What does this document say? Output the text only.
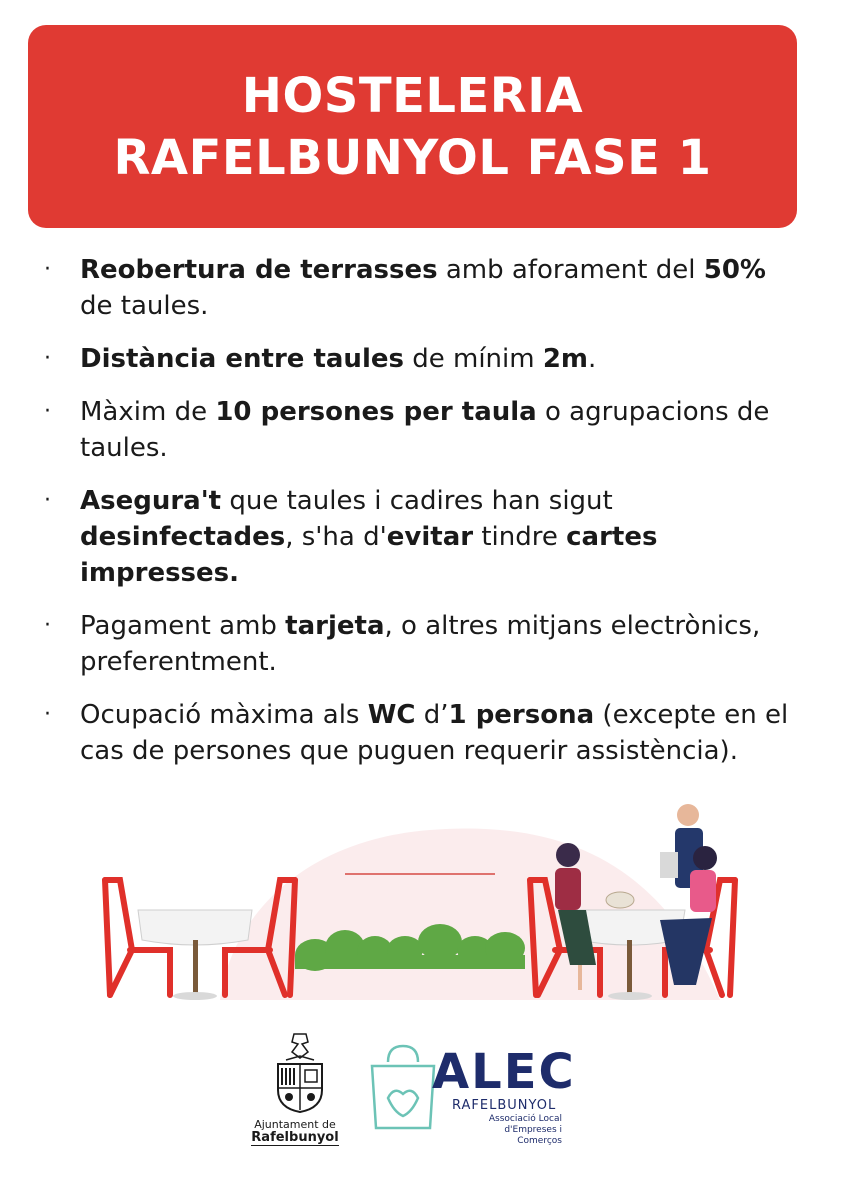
HOSTELERIA
RAFELBUNYOL FASE 1
· Reobertura de terrasses amb aforament del 50% de taules.
· Distància entre taules de mínim 2m.
· Màxim de 10 persones per taula o agrupacions de taules.
· Asegura't que taules i cadires han sigut desinfectades, s'ha d'evitar tindre cartes impresses.
· Pagament amb tarjeta, o altres mitjans electrònics, preferentment.
· Ocupació màxima als WC d’1 persona (excepte en el cas de persones que puguen requerir assistència).
Ajuntament de
Rafelbunyol
ALEC
RAFELBUNYOL
Associació Local
d'Empreses i Comerços
